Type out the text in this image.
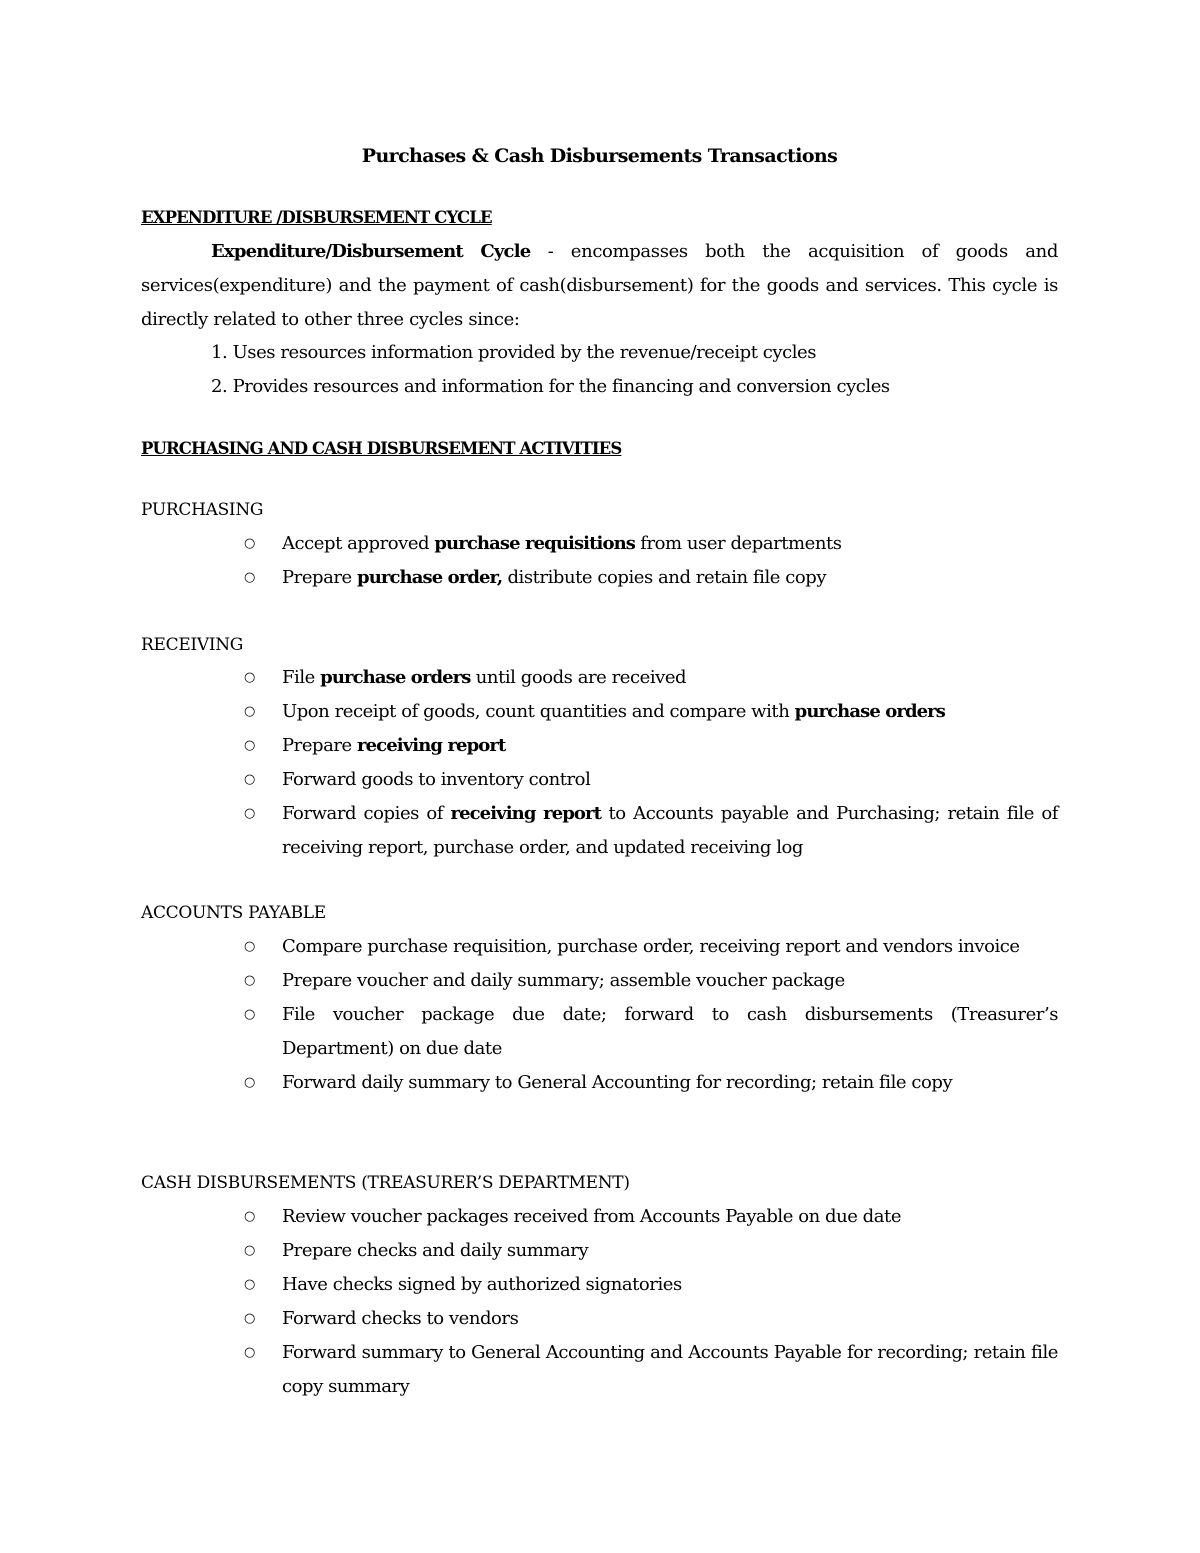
Purchases & Cash Disbursements Transactions
EXPENDITURE /DISBURSEMENT CYCLE
Expenditure/Disbursement Cycle - encompasses both the acquisition of goods and services(expenditure) and the payment of cash(disbursement) for the goods and services. This cycle is directly related to other three cycles since:
1. Uses resources information provided by the revenue/receipt cycles
2. Provides resources and information for the financing and conversion cycles
PURCHASING AND CASH DISBURSEMENT ACTIVITIES
PURCHASING
○ Accept approved purchase requisitions from user departments
○ Prepare purchase order, distribute copies and retain file copy
RECEIVING
○ File purchase orders until goods are received
○ Upon receipt of goods, count quantities and compare with purchase orders
○ Prepare receiving report
○ Forward goods to inventory control
○ Forward copies of receiving report to Accounts payable and Purchasing; retain file of receiving report, purchase order, and updated receiving log
ACCOUNTS PAYABLE
○ Compare purchase requisition, purchase order, receiving report and vendors invoice
○ Prepare voucher and daily summary; assemble voucher package
○ File voucher package due date; forward to cash disbursements (Treasurer’s Department) on due date
○ Forward daily summary to General Accounting for recording; retain file copy
CASH DISBURSEMENTS (TREASURER’S DEPARTMENT)
○ Review voucher packages received from Accounts Payable on due date
○ Prepare checks and daily summary
○ Have checks signed by authorized signatories
○ Forward checks to vendors
○ Forward summary to General Accounting and Accounts Payable for recording; retain file copy summary
